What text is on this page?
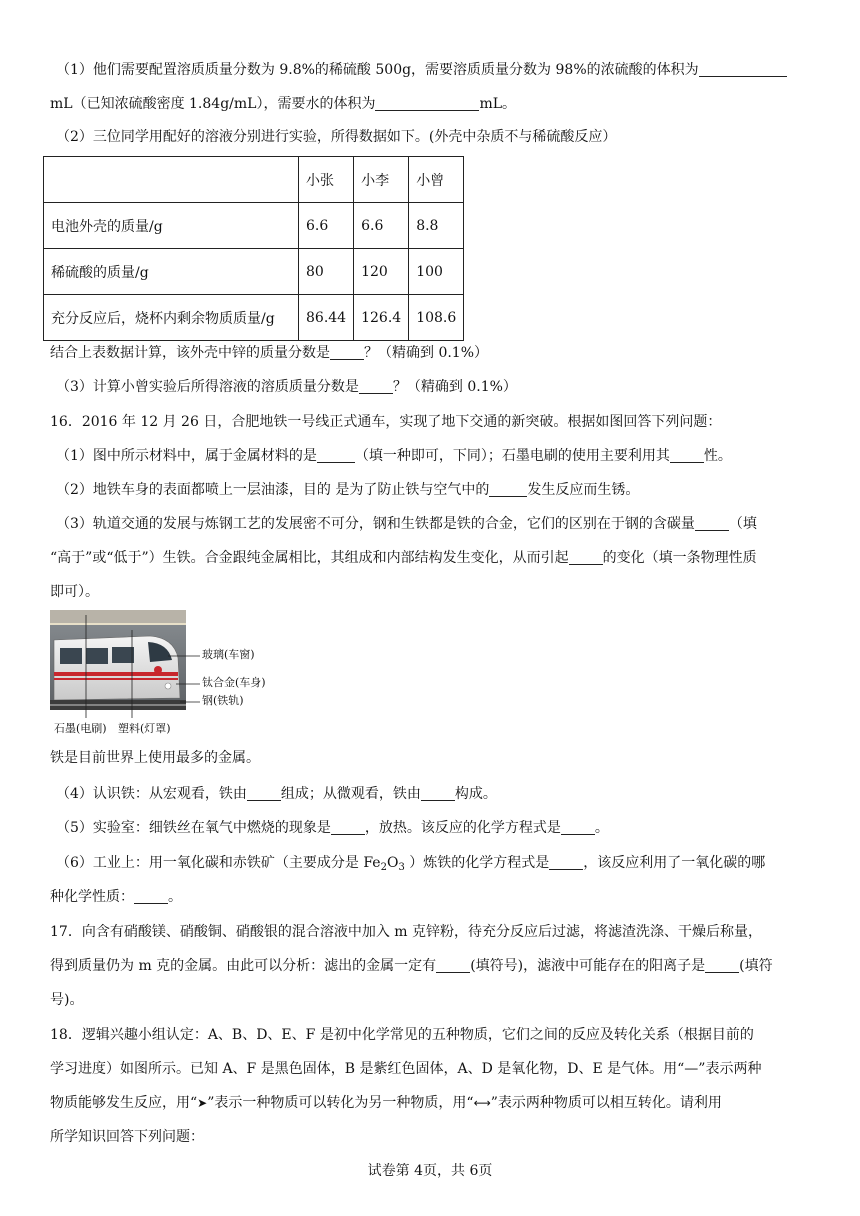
（1）他们需要配置溶质质量分数为 9.8%的稀硫酸 500g，需要溶质质量分数为 98%的浓硫酸的体积为
mL（已知浓硫酸密度 1.84g/mL），需要水的体积为	mL。
（2）三位同学用配好的溶液分别进行实验，所得数据如下。(外壳中杂质不与稀硫酸反应）
	小张	小李	小曾
电池外壳的质量/g	6.6	6.6	8.8
稀硫酸的质量/g	80	120	100
充分反应后，烧杯内剩余物质质量/g	86.44	126.4	108.6
结合上表数据计算，该外壳中锌的质量分数是 ？（精确到 0.1%）
（3）计算小曾实验后所得溶液的溶质质量分数是 ？（精确到 0.1%）
16．2016 年 12 月 26 日，合肥地铁一号线正式通车，实现了地下交通的新突破。根据如图回答下列问题：
（1）图中所示材料中，属于金属材料的是	（填一种即可，下同）；石墨电刷的使用主要利用其 性。
（2）地铁车身的表面都喷上一层油漆，目的 是为了防止铁与空气中的	发生反应而生锈。
（3）轨道交通的发展与炼钢工艺的发展密不可分，钢和生铁都是铁的合金，它们的区别在于钢的含碳量 （填
“高于”或“低于”）生铁。合金跟纯金属相比，其组成和内部结构发生变化，从而引起 的变化（填一条物理性质
即可）。
玻璃(车窗)
钛合金(车身)
钢(铁轨)
石墨(电刷) 塑料(灯罩)
铁是目前世界上使用最多的金属。
（4）认识铁：从宏观看，铁由 组成；从微观看，铁由 构成。
（5）实验室：细铁丝在氧气中燃烧的现象是 ，放热。该反应的化学方程式是 。
（6）工业上：用一氧化碳和赤铁矿（主要成分是 $Fe_2O_3$ ）炼铁的化学方程式是 ，该反应利用了一氧化碳的哪
种化学性质： 。
17．向含有硝酸镁、硝酸铜、硝酸银的混合溶液中加入 m 克锌粉，待充分反应后过滤，将滤渣洗涤、干燥后称量，
得到质量仍为 m 克的金属。由此可以分析：滤出的金属一定有 (填符号)，滤液中可能存在的阳离子是 (填符
号)。
18．逻辑兴趣小组认定：A、B、D、E、F 是初中化学常见的五种物质，它们之间的反应及转化关系（根据目前的
学习进度）如图所示。已知 A、F 是黑色固体，B 是紫红色固体，A、D 是氧化物，D、E 是气体。用“—”表示两种
物质能够发生反应，用“➤”表示一种物质可以转化为另一种物质，用“⟷”表示两种物质可以相互转化。请利用
所学知识回答下列问题：
试卷第 4页，共 6页
